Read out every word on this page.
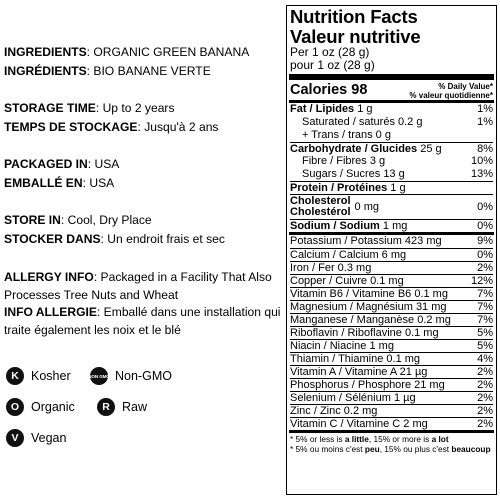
INGREDIENTS: ORGANIC GREEN BANANA

INGRÉDIENTS: BIO BANANE VERTE

STORAGE TIME: Up to 2 years

TEMPS DE STOCKAGE: Jusqu'à 2 ans

PACKAGED IN: USA

EMBALLÉ EN: USA

STORE IN: Cool, Dry Place

STOCKER DANS: Un endroit frais et sec

ALLERGY INFO: Packaged in a Facility That Also Processes Tree Nuts and Wheat

INFO ALLERGIE: Emballé dans une installation qui traite également les noix et le blé

K Kosher	NON GMO Non-GMO
O Organic	R Raw
V	Vegan
Nutrition Facts
Valeur nutritive
Per 1 oz (28 g)
pour 1 oz (28 g)
Calories 98	% Daily Value*
% valeur quotidienne*
Fat / Lipides 1 g	1%
Saturated / saturés 0.2 g	1%
+ Trans / trans 0 g
Carbohydrate / Glucides 25 g	8%
Fibre / Fibres 3 g	10%
Sugars / Sucres 13 g	13%
Protein / Protéines 1 g
Cholesterol
Cholestérol 0 mg	0%
Sodium / Sodium 1 mg	0%
Potassium / Potassium 423 mg	9%
Calcium / Calcium 6 mg	0%
Iron / Fer 0.3 mg	2%
Copper / Cuivre 0.1 mg	12%
Vitamin B6 / Vitamine B6 0.1 mg	7%
Magnesium / Magnésium 31 mg	7%
Manganese / Manganèse 0.2 mg 7%
Riboflavin / Riboflavine 0.1 mg	5%
Niacin / Niacine 1 mg	5%
Thiamin / Thiamine 0.1 mg	4%
Vitamin A / Vitamine A 21 µg	2%
Phosphorus / Phosphore 21 mg	2%
Selenium / Sélénium 1 µg	2%
Zinc / Zinc 0.2 mg	2%
Vitamin C / Vitamine C 2 mg	2%
* 5% or less is a little, 15% or more is a lot
* 5% ou moins c'est peu, 15% ou plus c'est beaucoup
